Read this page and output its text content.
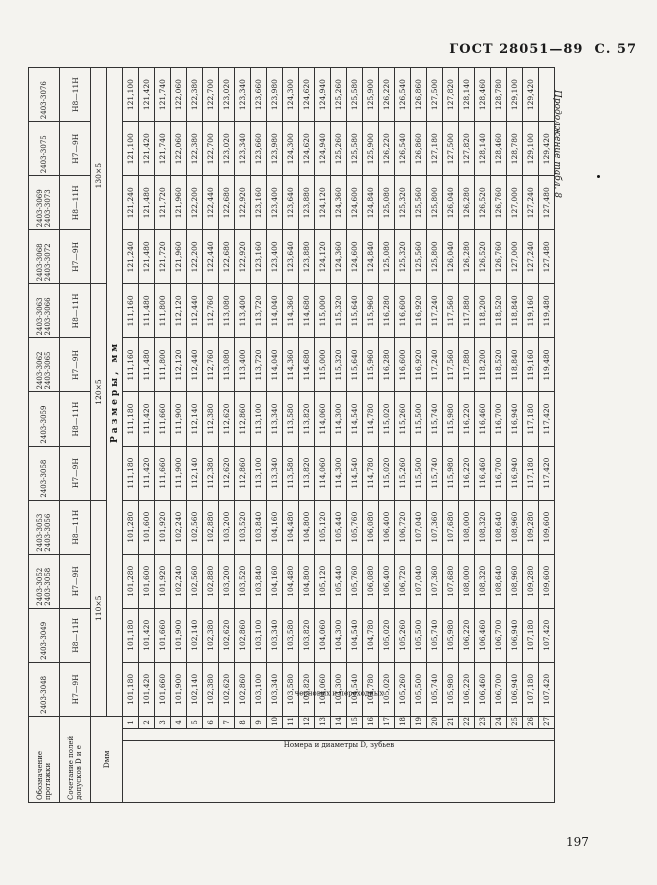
ГОСТ 28051—89 С. 57
Продолжение табл. 8
Обозначение протяжки			2403-3048	2403-3049	2403-3052 2403-3058	2403-3053 2403-3056	2403-3058	2403-3059	2403-3062 2403-3065	2403-3063 2403-3066	2403-3068 2403-3072	2403-3069 2403-3073	2403-3075	2403-3076
Сочетание полей допусков D и e			H7—9H	H8—11H	H7—9H	H8—11H	H7—9H	H8—11H	H7—9H	H8—11H	H7—9H	H8—11H	H7—9H	H8—11H
Dмм			110×5				120×5				130×5			
			Размеры, мм											
Номера и диаметры D, зубьев	черновых и переходных	1	101,180	101,180	101,280	101,280	111,180	111,180	111,160	111,160	121,240	121,240	121,100	121,100
		2	101,420	101,420	101,600	101,600	111,420	111,420	111,480	111,480	121,480	121,480	121,420	121,420
		3	101,660	101,660	101,920	101,920	111,660	111,660	111,800	111,800	121,720	121,720	121,740	121,740
		4	101,900	101,900	102,240	102,240	111,900	111,900	112,120	112,120	121,960	121,960	122,060	122,060
		5	102,140	102,140	102,560	102,560	112,140	112,140	112,440	112,440	122,200	122,200	122,380	122,380
		6	102,380	102,380	102,880	102,880	112,380	112,380	112,760	112,760	122,440	122,440	122,700	122,700
		7	102,620	102,620	103,200	103,200	112,620	112,620	113,080	113,080	122,680	122,680	123,020	123,020
		8	102,860	102,860	103,520	103,520	112,860	112,860	113,400	113,400	122,920	122,920	123,340	123,340
		9	103,100	103,100	103,840	103,840	113,100	113,100	113,720	113,720	123,160	123,160	123,660	123,660
		10	103,340	103,340	104,160	104,160	113,340	113,340	114,040	114,040	123,400	123,400	123,980	123,980
		11	103,580	103,580	104,480	104,480	113,580	113,580	114,360	114,360	123,640	123,640	124,300	124,300
		12	103,820	103,820	104,800	104,800	113,820	113,820	114,680	114,680	123,880	123,880	124,620	124,620
		13	104,060	104,060	105,120	105,120	114,060	114,060	115,000	115,000	124,120	124,120	124,940	124,940
		14	104,300	104,300	105,440	105,440	114,300	114,300	115,320	115,320	124,360	124,360	125,260	125,260
		15	104,540	104,540	105,760	105,760	114,540	114,540	115,640	115,640	124,600	124,600	125,580	125,580
		16	104,780	104,780	106,080	106,080	114,780	114,780	115,960	115,960	124,840	124,840	125,900	125,900
		17	105,020	105,020	106,400	106,400	115,020	115,020	116,280	116,280	125,080	125,080	126,220	126,220
		18	105,260	105,260	106,720	106,720	115,260	115,260	116,600	116,600	125,320	125,320	126,540	126,540
		19	105,500	105,500	107,040	107,040	115,500	115,500	116,920	116,920	125,560	125,560	126,860	126,860
		20	105,740	105,740	107,360	107,360	115,740	115,740	117,240	117,240	125,800	125,800	127,180	127,500
		21	105,980	105,980	107,680	107,680	115,980	115,980	117,560	117,560	126,040	126,040	127,500	127,820
		22	106,220	106,220	108,000	108,000	116,220	116,220	117,880	117,880	126,280	126,280	127,820	128,140
		23	106,460	106,460	108,320	108,320	116,460	116,460	118,200	118,200	126,520	126,520	128,140	128,460
		24	106,700	106,700	108,640	108,640	116,700	116,700	118,520	118,520	126,760	126,760	128,460	128,780
		25	106,940	106,940	108,960	108,960	116,940	116,940	118,840	118,840	127,000	127,000	128,780	129,100
		26	107,180	107,180	109,280	109,280	117,180	117,180	119,160	119,160	127,240	127,240	129,100	129,420
		27	107,420	107,420	109,600	109,600	117,420	117,420	119,480	119,480	127,480	127,480	129,420	
197
